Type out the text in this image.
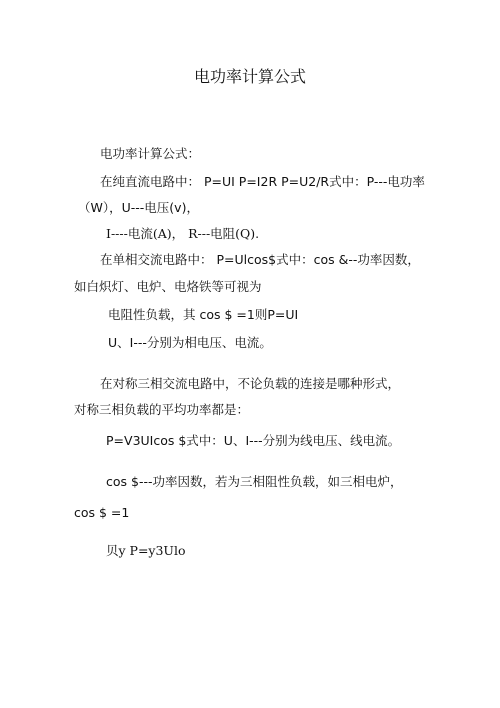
电功率计算公式
电功率计算公式：
在纯直流电路中： P=UI P=I2R P=U2/R式中：P---电功率
（W），U---电压(v)，
I----电流(A)， R---电阻(Q).
在单相交流电路中： P=Ulcos$式中：cos &--功率因数，
如白炽灯、电炉、电烙铁等可视为
电阻性负载，其 cos $ =1则P=UI
U、I---分别为相电压、电流。
在对称三相交流电路中，不论负载的连接是哪种形式，
对称三相负载的平均功率都是：
P=V3UIcos $式中：U、I---分别为线电压、线电流。
cos $---功率因数，若为三相阻性负载，如三相电炉，
cos $ =1
贝y P=y3Ulo
